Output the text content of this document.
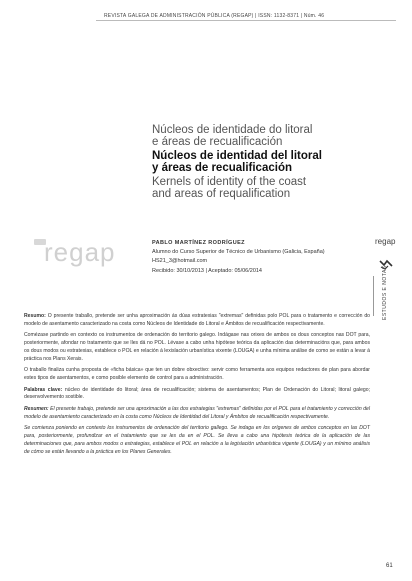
REVISTA GALEGA DE ADMINISTRACIÓN PÚBLICA (REGAP) | ISSN: 1132-8371 | Núm. 46
Núcleos de identidade do litoral
e áreas de recualificación
Núcleos de identidad del litoral
y áreas de recualificación
Kernels of identity of the coast
and areas of requalification
regap	PABLO MARTÍNEZ RODRÍGUEZ
Alumno do Curso Superior de Técnico de Urbanismo (Galicia, España)
HS21_3@hotmail.com
Recibido: 30/10/2013 | Aceptado: 05/06/2014
regap
ESTUDOS E NOTAS

Resumo: O presente traballo, pretende ser unha aproximación ás dúas estratexias "extremas" definidas polo POL para o tratamento e corrección do modelo de asentamento caracterizado na costa como Núcleos de Identidade do Litoral e Ámbitos de recualificación respectivamente.

Comézase partindo en contexto os instrumentos de ordenación do territorio galego. Indágase nas orixes de ambos os dous conceptos nas DOT para, posteriormente, afondar no tratamento que se lles dá no POL. Lévase a cabo unha hipótese teórica da aplicación das determinacións que, para ambos os dous modos ou estratexias, establece o POL en relación á lexislación urbanística vixente (LOUGA) e unha mínima análise de como se están a levar á práctica nos Plans Xerais.

O traballo finaliza cunha proposta de «ficha básica» que ten un dobre obxectivo: servir como ferramenta aos equipos redactores de plan para abordar estes tipos de asentamentos, e como posible elemento de control para a administración.

Palabras clave: núcleo de identidade do litoral; área de recualificación; sistema de asentamentos; Plan de Ordenación do Litoral; litoral galego; desenvolvemento sostible.

Resumen: El presente trabajo, pretende ser una aproximación a las dos estrategias "extremas" definidas por el POL para el tratamiento y corrección del modelo de asentamiento caracterizado en la costa como Núcleos de Identidad del Litoral y Ámbitos de recualificación respectivamente.

Se comienza poniendo en contexto los instrumentos de ordenación del territorio gallego. Se indaga en los orígenes de ambos conceptos en las DOT para, posteriormente, profundizar en el tratamiento que se les da en el POL. Se lleva a cabo una hipótesis teórica de la aplicación de las determinaciones que, para ambos modos o estrategias, establece el POL en relación a la legislación urbanística vigente (LOUGA) y un mínimo análisis de cómo se están llevando a la práctica en los Planes Generales.

61
